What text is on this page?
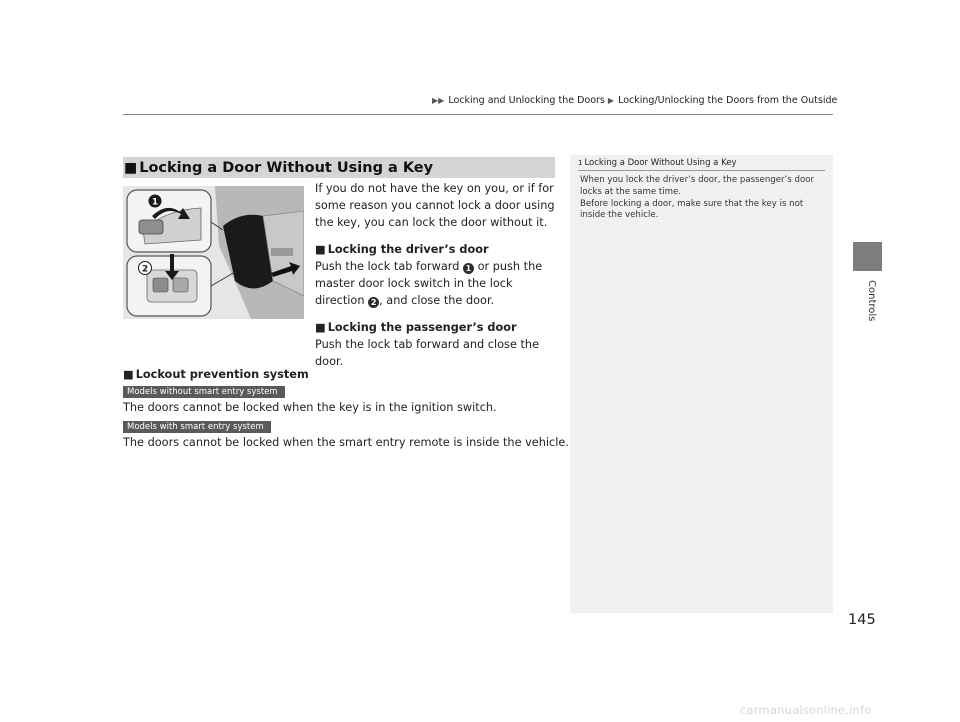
▶▶ Locking and Unlocking the Doors ▶ Locking/Unlocking the Doors from the Outside
Controls
■ Locking a Door Without Using a Key
1
2

If you do not have the key on you, or if for some reason you cannot lock a door using the key, you can lock the door without it.

■ Locking the driver’s door

Push the lock tab forward 1 or push the master door lock switch in the lock direction 2 , and close the door.

■ Locking the passenger’s door

Push the lock tab forward and close the door.

■ Lockout prevention system
Models without smart entry system
The doors cannot be locked when the key is in the ignition switch.
Models with smart entry system
The doors cannot be locked when the smart entry remote is inside the vehicle.
1 Locking a Door Without Using a Key

When you lock the driver’s door, the passenger’s door locks at the same time.

Before locking a door, make sure that the key is not inside the vehicle.

145
carmanualsonline.info
